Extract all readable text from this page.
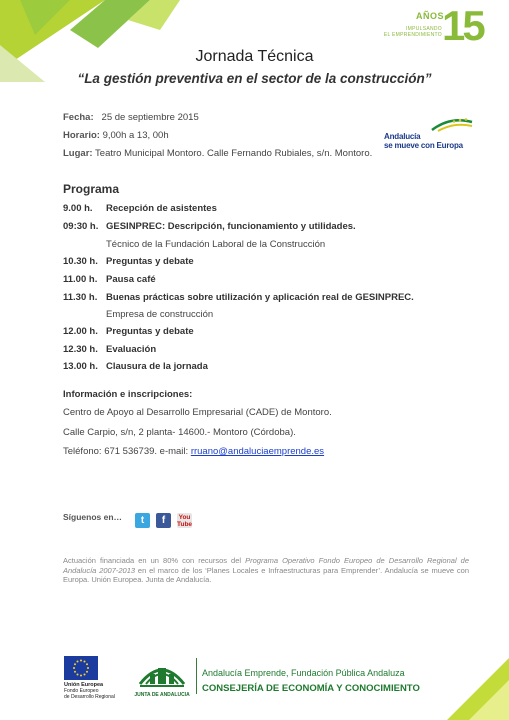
AÑOS
IMPULSANDO
EL EMPRENDIMIENTO 15
Jornada Técnica
“La gestión preventiva en el sector de la construcción”
Fecha: 25 de septiembre 2015
Horario: 9,00h a 13, 00h
Lugar: Teatro Municipal Montoro. Calle Fernando Rubiales, s/n. Montoro.
Andalucía
se mueve con Europa
Programa
9.00 h. Recepción de asistentes
09:30 h. GESINPREC: Descripción, funcionamiento y utilidades.
Técnico de la Fundación Laboral de la Construcción
10.30 h. Preguntas y debate
11.00 h. Pausa café
11.30 h. Buenas prácticas sobre utilización y aplicación real de GESINPREC.
Empresa de construcción
12.00 h. Preguntas y debate
12.30 h. Evaluación
13.00 h. Clausura de la jornada
Información e inscripciones:
Centro de Apoyo al Desarrollo Empresarial (CADE) de Montoro.
Calle Carpio, s/n, 2 planta- 14600.- Montoro (Córdoba).
Teléfono: 671 536739. e-mail: rruano@andaluciaemprende.es
Síguenos en…	t	f	You
Tube
Actuación financiada en un 80% con recursos del Programa Operativo Fondo Europeo de Desarrollo Regional de Andalucía 2007-2013 en el marco de los ‘Planes Locales e Infraestructuras para Emprender’. Andalucía se mueve con Europa. Unión Europea. Junta de Andalucía.
Unión Europea
Fondo Europeo
de Desarrollo Regional	JUNTA DE ANDALUCIA
Andalucía Emprende, Fundación Pública Andaluza
CONSEJERÍA DE ECONOMÍA Y CONOCIMIENTO
